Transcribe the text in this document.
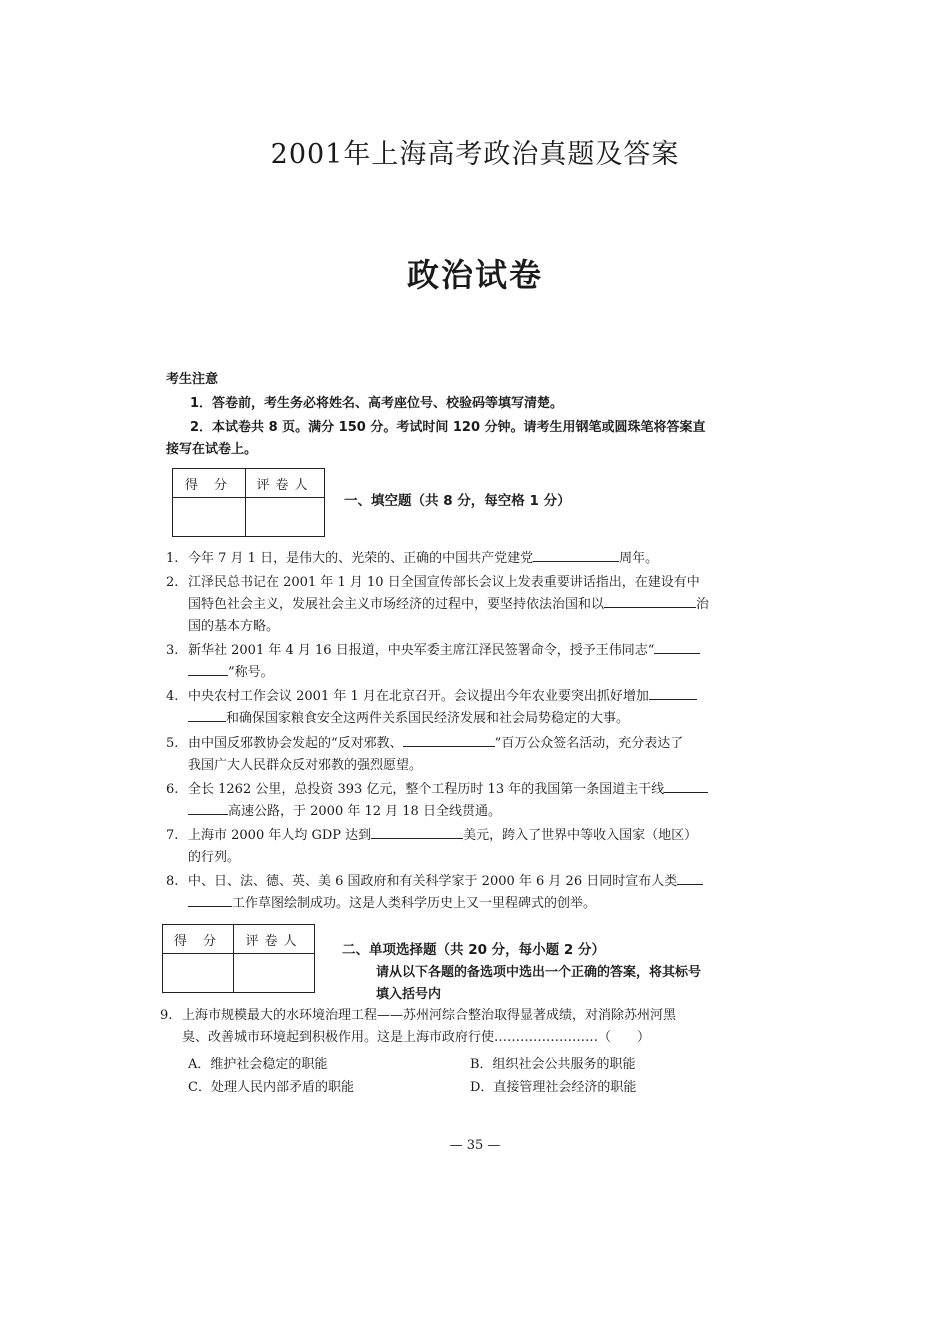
2001年上海高考政治真题及答案
政治试卷
考生注意
1．答卷前，考生务必将姓名、高考座位号、校验码等填写清楚。
2．本试卷共 8 页。满分 150 分。考试时间 120 分钟。请考生用钢笔或圆珠笔将答案直
接写在试卷上。
得 分	评卷人

一、填空题（共 8 分，每空格 1 分）
1. 今年 7 月 1 日，是伟大的、光荣的、正确的中国共产党建党	周年。
2. 江泽民总书记在 2001 年 1 月 10 日全国宣传部长会议上发表重要讲话指出，在建设有中
国特色社会主义，发展社会主义市场经济的过程中，要坚持依法治国和以	治
国的基本方略。
3. 新华社 2001 年 4 月 16 日报道，中央军委主席江泽民签署命令，授予王伟同志“
”称号。
4. 中央农村工作会议 2001 年 1 月在北京召开。会议提出今年农业要突出抓好增加
和确保国家粮食安全这两件关系国民经济发展和社会局势稳定的大事。
5. 由中国反邪教协会发起的“反对邪教、	”百万公众签名活动，充分表达了
我国广大人民群众反对邪教的强烈愿望。
6. 全长 1262 公里，总投资 393 亿元，整个工程历时 13 年的我国第一条国道主干线
高速公路，于 2000 年 12 月 18 日全线贯通。
7. 上海市 2000 年人均 GDP 达到	美元，跨入了世界中等收入国家（地区）
的行列。
8. 中、日、法、德、英、美 6 国政府和有关科学家于 2000 年 6 月 26 日同时宣布人类
工作草图绘制成功。这是人类科学历史上又一里程碑式的创举。
得 分	评卷人

二、单项选择题（共 20 分，每小题 2 分）
请从以下各题的备选项中选出一个正确的答案，将其标号
填入括号内
9. 上海市规模最大的水环境治理工程——苏州河综合整治取得显著成绩，对消除苏州河黑
臭、改善城市环境起到积极作用。这是上海市政府行使……………………（　　）
A．维护社会稳定的职能	B．组织社会公共服务的职能
C．处理人民内部矛盾的职能	D．直接管理社会经济的职能
— 35 —
